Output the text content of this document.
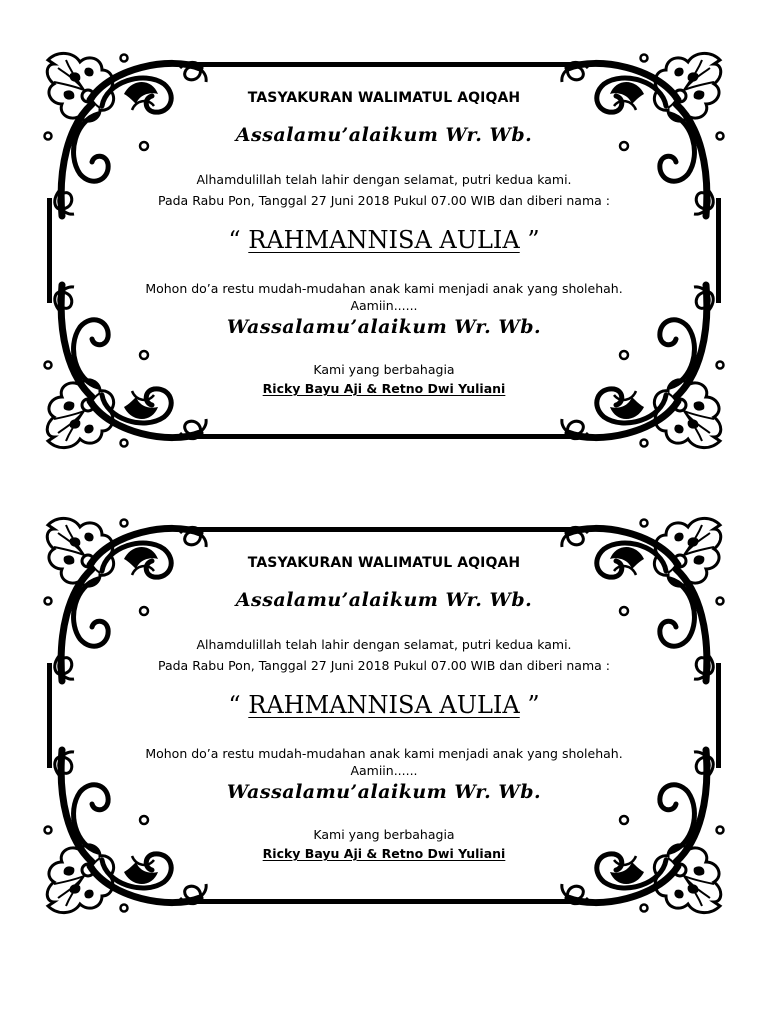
TASYAKURAN WALIMATUL AQIQAH
Assalamu’alaikum Wr. Wb.
Alhamdulillah telah lahir dengan selamat, putri kedua kami.
Pada Rabu Pon, Tanggal 27 Juni 2018 Pukul 07.00 WIB dan diberi nama :
“ RAHMANNISA AULIA ”
Mohon do’a restu mudah-mudahan anak kami menjadi anak yang sholehah.
Aamiin......
Wassalamu’alaikum Wr. Wb.
Kami yang berbahagia
Ricky Bayu Aji & Retno Dwi Yuliani
TASYAKURAN WALIMATUL AQIQAH
Assalamu’alaikum Wr. Wb.
Alhamdulillah telah lahir dengan selamat, putri kedua kami.
Pada Rabu Pon, Tanggal 27 Juni 2018 Pukul 07.00 WIB dan diberi nama :
“ RAHMANNISA AULIA ”
Mohon do’a restu mudah-mudahan anak kami menjadi anak yang sholehah.
Aamiin......
Wassalamu’alaikum Wr. Wb.
Kami yang berbahagia
Ricky Bayu Aji & Retno Dwi Yuliani
